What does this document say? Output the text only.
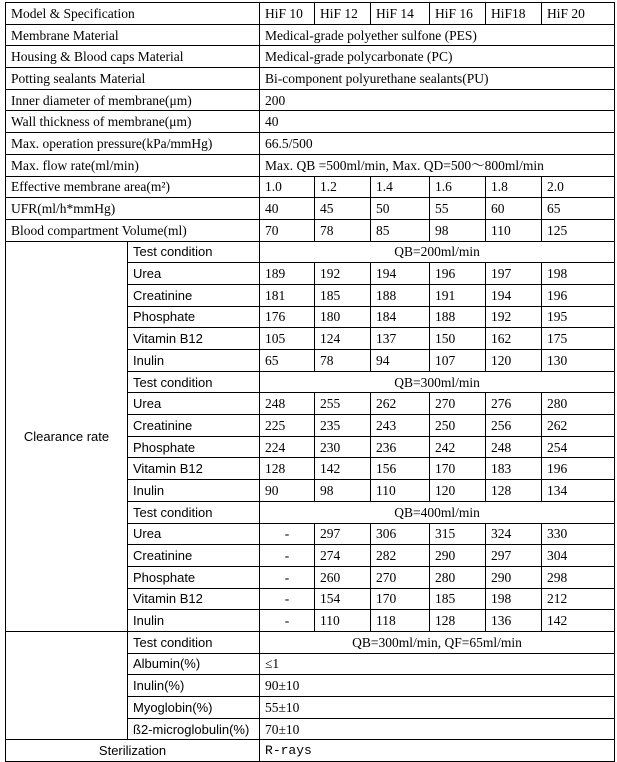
Model & Specification		HiF 10	HiF 12	HiF 14	HiF 16	HiF18	HiF 20
Membrane Material		Medical-grade polyether sulfone (PES)					
Housing & Blood caps Material		Medical-grade polycarbonate (PC)					
Potting sealants Material		Bi-component polyurethane sealants(PU)					
Inner diameter of membrane(μm)		200					
Wall thickness of membrane(μm)		40					
Max. operation pressure(kPa/mmHg)		66.5/500					
Max. flow rate(ml/min)		Max. QB =500ml/min, Max. QD=500～800ml/min					
Effective membrane area(m²)		1.0	1.2	1.4	1.6	1.8	2.0
UFR(ml/h*mmHg)		40	45	50	55	60	65
Blood compartment Volume(ml)		70	78	85	98	110	125
Clearance rate	Test condition	QB=200ml/min					
	Urea	189	192	194	196	197	198
	Creatinine	181	185	188	191	194	196
	Phosphate	176	180	184	188	192	195
	Vitamin B12	105	124	137	150	162	175
	Inulin	65	78	94	107	120	130
	Test condition	QB=300ml/min					
	Urea	248	255	262	270	276	280
	Creatinine	225	235	243	250	256	262
	Phosphate	224	230	236	242	248	254
	Vitamin B12	128	142	156	170	183	196
	Inulin	90	98	110	120	128	134
	Test condition	QB=400ml/min					
	Urea	-	297	306	315	324	330
	Creatinine	-	274	282	290	297	304
	Phosphate	-	260	270	280	290	298
	Vitamin B12	-	154	170	185	198	212
	Inulin	-	110	118	128	136	142
	Test condition	QB=300ml/min, QF=65ml/min					
	Albumin(%)	≤1					
	Inulin(%)	90±10					
	Myoglobin(%)	55±10					
	ß2-microglobulin(%)	70±10					
Sterilization		R-rays					
